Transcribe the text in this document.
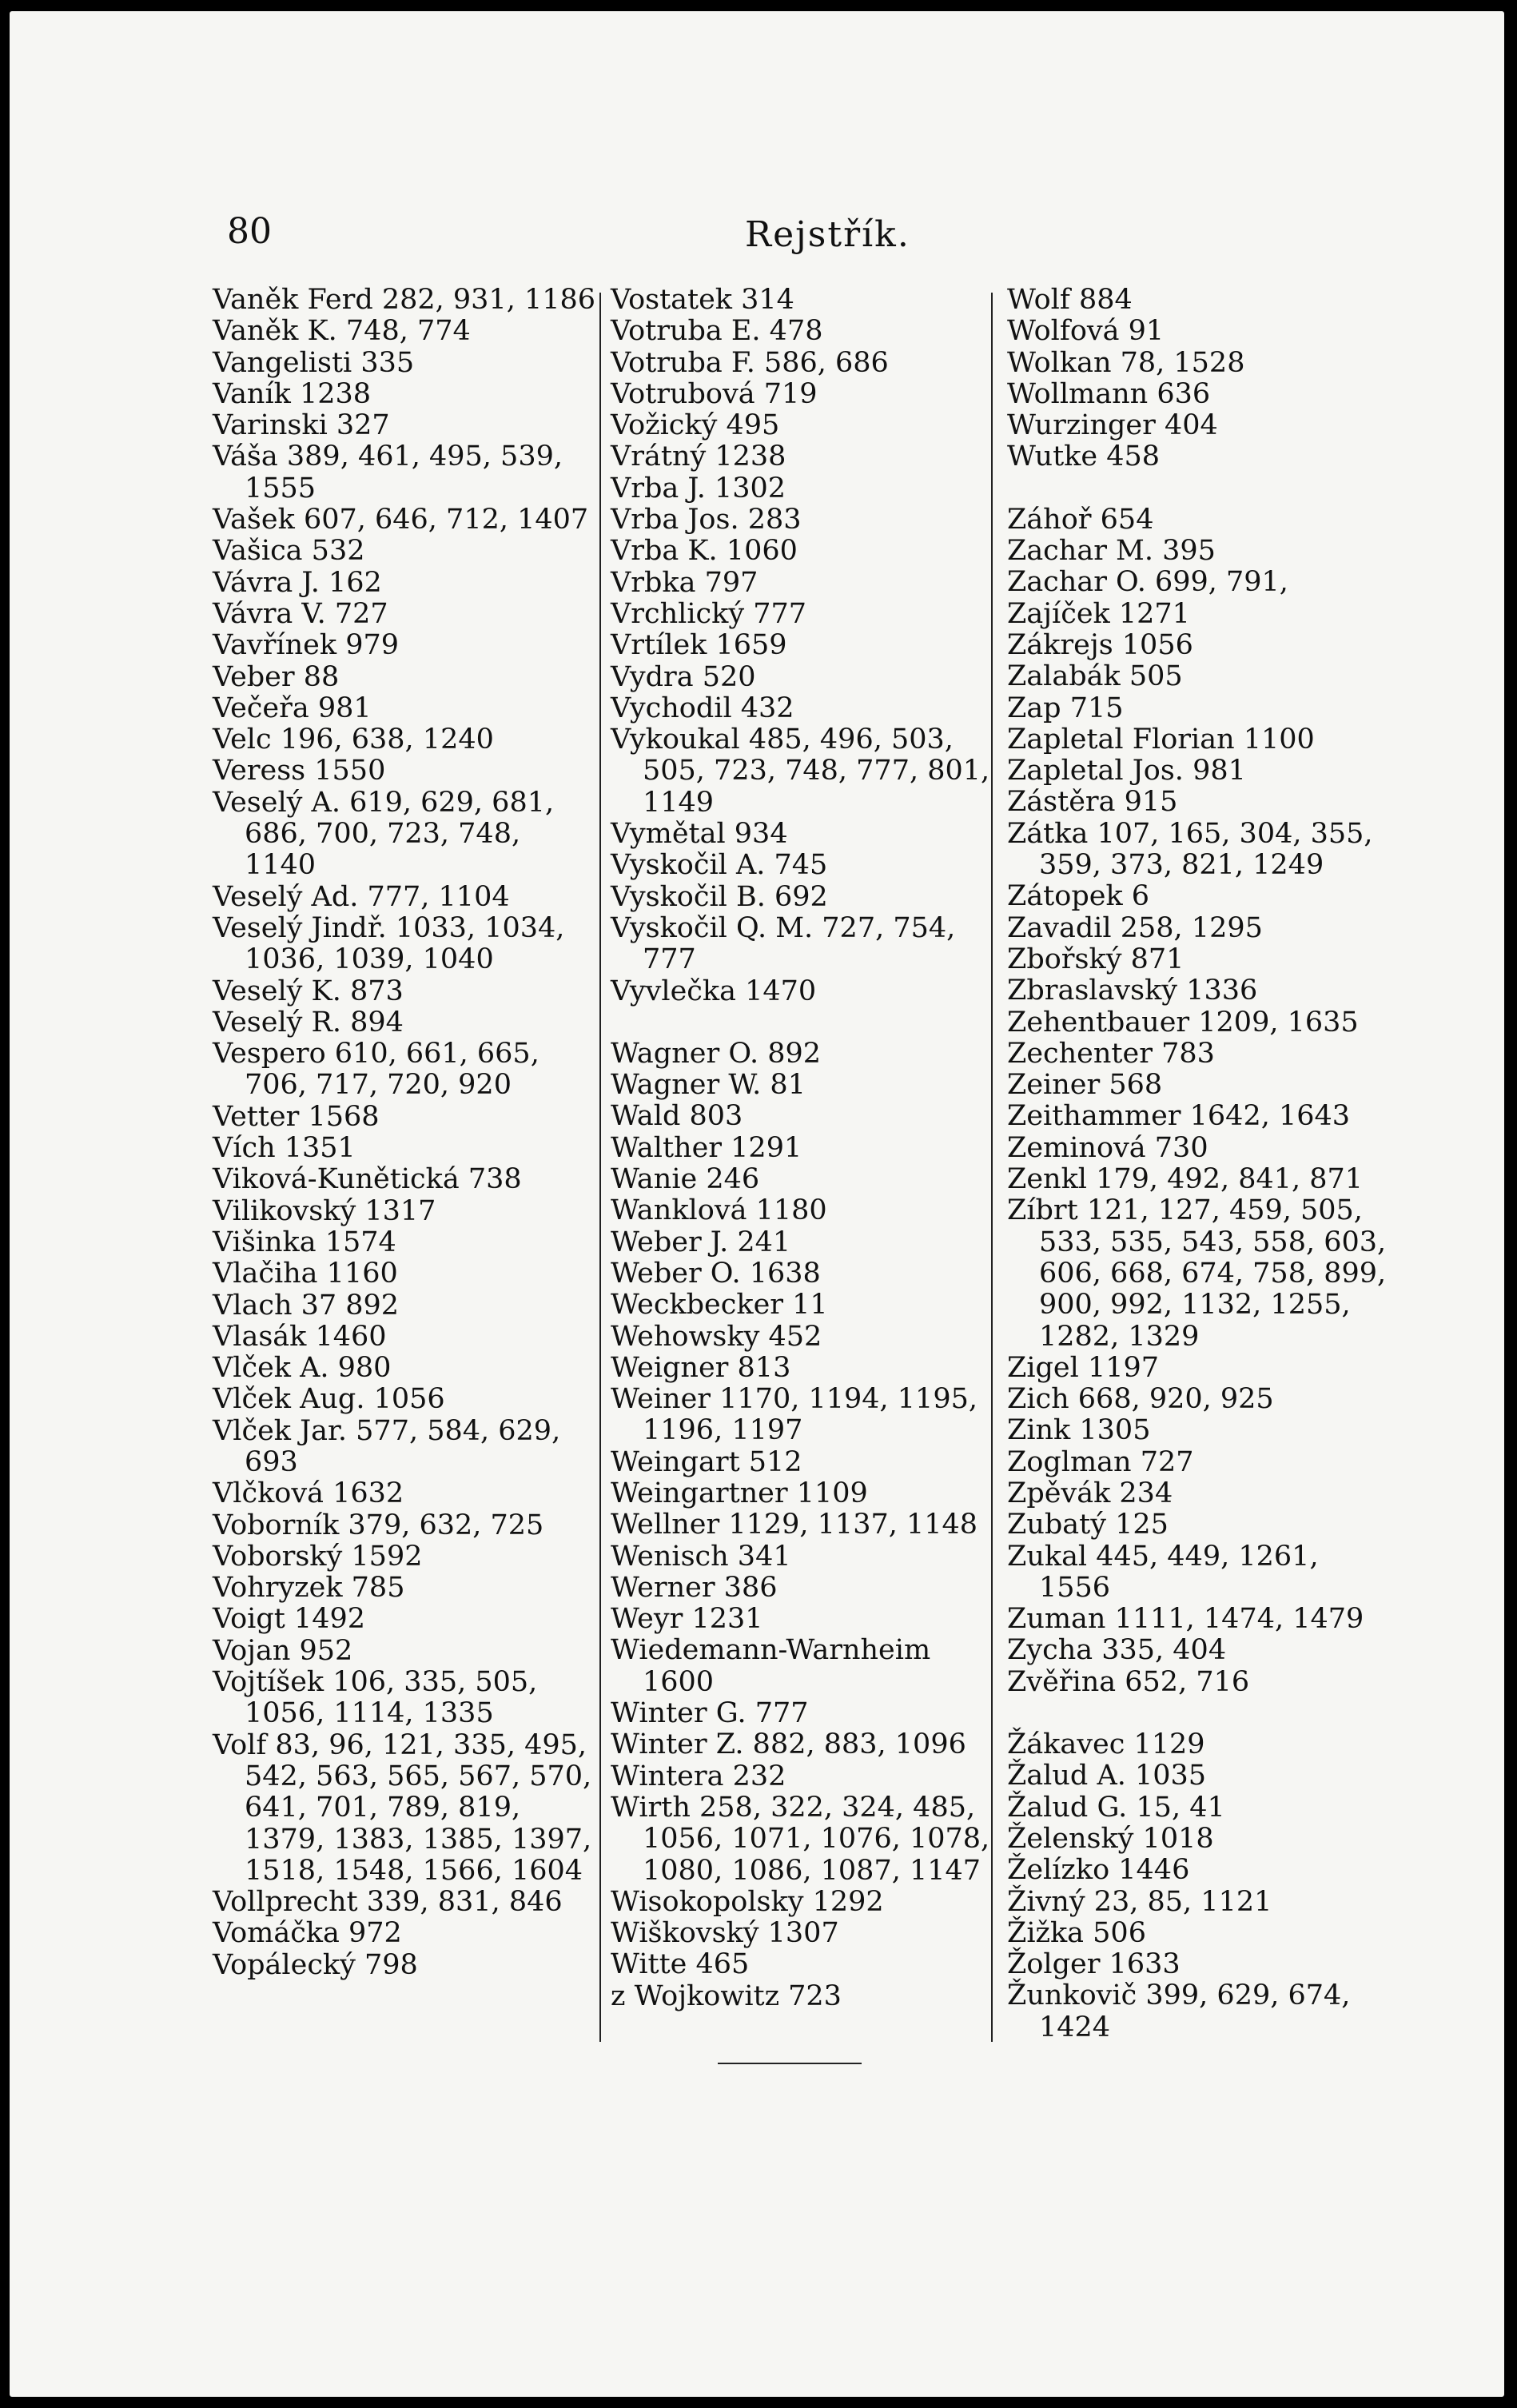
80	Rejstřík.
Vaněk Ferd 282, 931, 1186
Vaněk K. 748, 774
Vangelisti 335
Vaník 1238
Varinski 327
Váša 389, 461, 495, 539, 1555
Vašek 607, 646, 712, 1407
Vašica 532
Vávra J. 162
Vávra V. 727
Vavřínek 979
Veber 88
Večeřa 981
Velc 196, 638, 1240
Veress 1550
Veselý A. 619, 629, 681, 686, 700, 723, 748, 1140
Veselý Ad. 777, 1104
Veselý Jindř. 1033, 1034, 1036, 1039, 1040
Veselý K. 873
Veselý R. 894
Vespero 610, 661, 665, 706, 717, 720, 920
Vetter 1568
Vích 1351
Viková-Kunětická 738
Vilikovský 1317
Višinka 1574
Vlačiha 1160
Vlach 37 892
Vlasák 1460
Vlček A. 980
Vlček Aug. 1056
Vlček Jar. 577, 584, 629, 693
Vlčková 1632
Voborník 379, 632, 725
Voborský 1592
Vohryzek 785
Voigt 1492
Vojan 952
Vojtíšek 106, 335, 505, 1056, 1114, 1335
Volf 83, 96, 121, 335, 495, 542, 563, 565, 567, 570, 641, 701, 789, 819, 1379, 1383, 1385, 1397, 1518, 1548, 1566, 1604
Vollprecht 339, 831, 846
Vomáčka 972
Vopálecký 798
Vostatek 314
Votruba E. 478
Votruba F. 586, 686
Votrubová 719
Vožický 495
Vrátný 1238
Vrba J. 1302
Vrba Jos. 283
Vrba K. 1060
Vrbka 797
Vrchlický 777
Vrtílek 1659
Vydra 520
Vychodil 432
Vykoukal 485, 496, 503, 505, 723, 748, 777, 801, 1149
Vymětal 934
Vyskočil A. 745
Vyskočil B. 692
Vyskočil Q. M. 727, 754, 777
Vyvlečka 1470
Wagner O. 892
Wagner W. 81
Wald 803
Walther 1291
Wanie 246
Wanklová 1180
Weber J. 241
Weber O. 1638
Weckbecker 11
Wehowsky 452
Weigner 813
Weiner 1170, 1194, 1195, 1196, 1197
Weingart 512
Weingartner 1109
Wellner 1129, 1137, 1148
Wenisch 341
Werner 386
Weyr 1231
Wiedemann-Warnheim 1600
Winter G. 777
Winter Z. 882, 883, 1096
Wintera 232
Wirth 258, 322, 324, 485, 1056, 1071, 1076, 1078, 1080, 1086, 1087, 1147
Wisokopolsky 1292
Wiškovský 1307
Witte 465
z Wojkowitz 723
Wolf 884
Wolfová 91
Wolkan 78, 1528
Wollmann 636
Wurzinger 404
Wutke 458
Záhoř 654
Zachar M. 395
Zachar O. 699, 791,
Zajíček 1271
Zákrejs 1056
Zalabák 505
Zap 715
Zapletal Florian 1100
Zapletal Jos. 981
Zástěra 915
Zátka 107, 165, 304, 355, 359, 373, 821, 1249
Zátopek 6
Zavadil 258, 1295
Zbořský 871
Zbraslavský 1336
Zehentbauer 1209, 1635
Zechenter 783
Zeiner 568
Zeithammer 1642, 1643
Zeminová 730
Zenkl 179, 492, 841, 871
Zíbrt 121, 127, 459, 505, 533, 535, 543, 558, 603, 606, 668, 674, 758, 899, 900, 992, 1132, 1255, 1282, 1329
Zigel 1197
Zich 668, 920, 925
Zink 1305
Zoglman 727
Zpěvák 234
Zubatý 125
Zukal 445, 449, 1261, 1556
Zuman 1111, 1474, 1479
Zycha 335, 404
Zvěřina 652, 716
Žákavec 1129
Žalud A. 1035
Žalud G. 15, 41
Želenský 1018
Želízko 1446
Živný 23, 85, 1121
Žižka 506
Žolger 1633
Žunkovič 399, 629, 674, 1424
